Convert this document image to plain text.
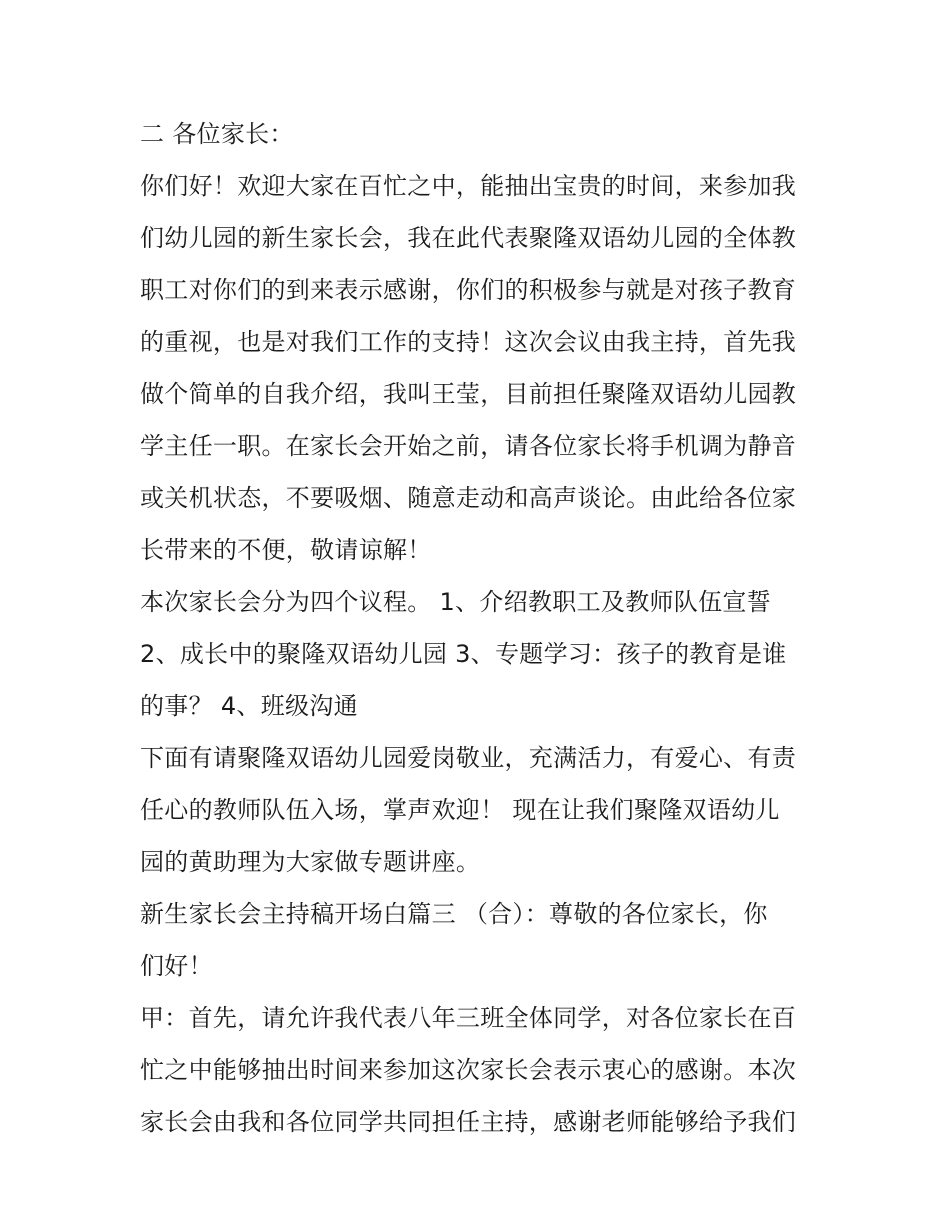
二 各位家长：

你们好！欢迎大家在百忙之中，能抽出宝贵的时间，来参加我

们幼儿园的新生家长会，我在此代表聚隆双语幼儿园的全体教

职工对你们的到来表示感谢，你们的积极参与就是对孩子教育

的重视，也是对我们工作的支持！这次会议由我主持，首先我

做个简单的自我介绍，我叫王莹，目前担任聚隆双语幼儿园教

学主任一职。在家长会开始之前，请各位家长将手机调为静音

或关机状态，不要吸烟、随意走动和高声谈论。由此给各位家

长带来的不便，敬请谅解！

本次家长会分为四个议程。 1、介绍教职工及教师队伍宣誓

2、成长中的聚隆双语幼儿园 3、专题学习：孩子的教育是谁

的事？ 4、班级沟通

下面有请聚隆双语幼儿园爱岗敬业，充满活力，有爱心、有责

任心的教师队伍入场，掌声欢迎！ 现在让我们聚隆双语幼儿

园的黄助理为大家做专题讲座。

新生家长会主持稿开场白篇三 （合）：尊敬的各位家长，你

们好！

甲：首先，请允许我代表八年三班全体同学，对各位家长在百

忙之中能够抽出时间来参加这次家长会表示衷心的感谢。本次

家长会由我和各位同学共同担任主持，感谢老师能够给予我们
